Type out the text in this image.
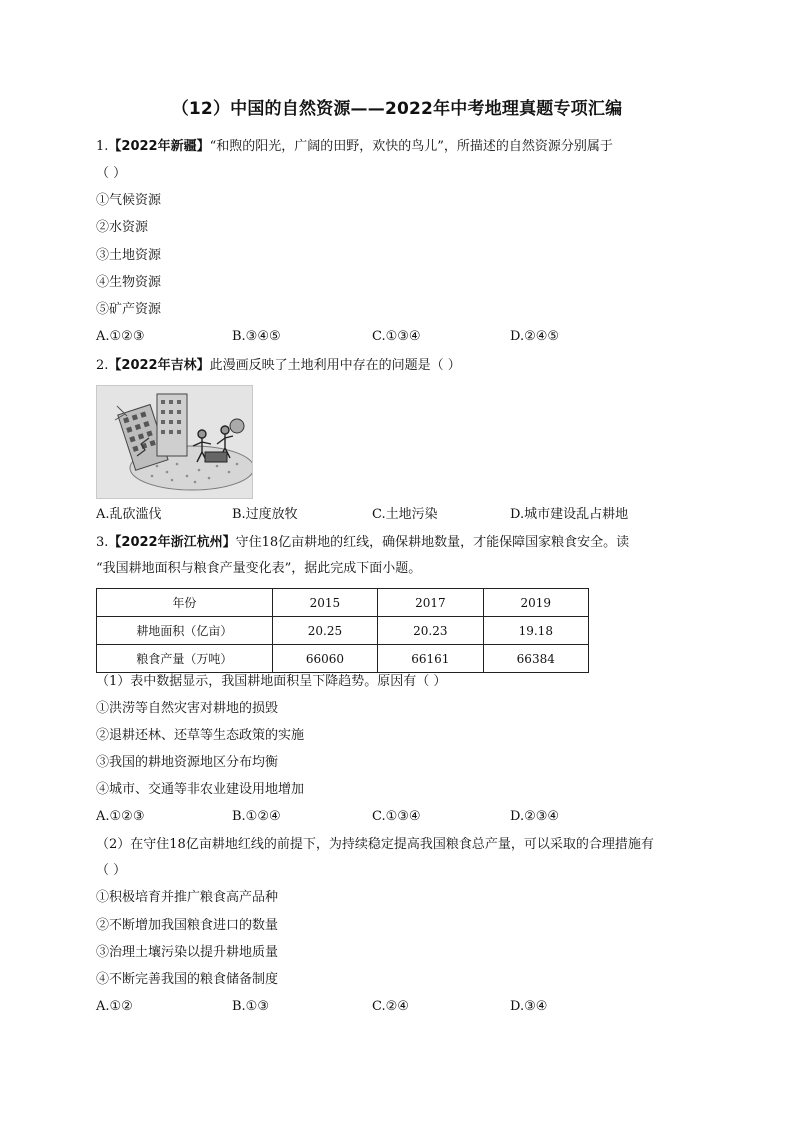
（12）中国的自然资源——2022年中考地理真题专项汇编
1.【2022年新疆】“和煦的阳光，广阔的田野，欢快的鸟儿”，所描述的自然资源分别属于
（ ）
①气候资源
②水资源
③土地资源
④生物资源
⑤矿产资源
A.①②③	B.③④⑤	C.①③④	D.②④⑤
2.【2022年吉林】此漫画反映了土地利用中存在的问题是（ ）
A.乱砍滥伐	B.过度放牧	C.土地污染	D.城市建设乱占耕地
3.【2022年浙江杭州】守住18亿亩耕地的红线，确保耕地数量，才能保障国家粮食安全。读
“我国耕地面积与粮食产量变化表”，据此完成下面小题。
年份	2015	2017	2019
耕地面积（亿亩）	20.25	20.23	19.18
粮食产量（万吨）	66060	66161	66384
（1）表中数据显示，我国耕地面积呈下降趋势。原因有（ ）
①洪涝等自然灾害对耕地的损毁
②退耕还林、还草等生态政策的实施
③我国的耕地资源地区分布均衡
④城市、交通等非农业建设用地增加
A.①②③	B.①②④	C.①③④	D.②③④
（2）在守住18亿亩耕地红线的前提下，为持续稳定提高我国粮食总产量，可以采取的合理措施有
（ ）
①积极培育并推广粮食高产品种
②不断增加我国粮食进口的数量
③治理土壤污染以提升耕地质量
④不断完善我国的粮食储备制度
A.①②	B.①③	C.②④	D.③④
